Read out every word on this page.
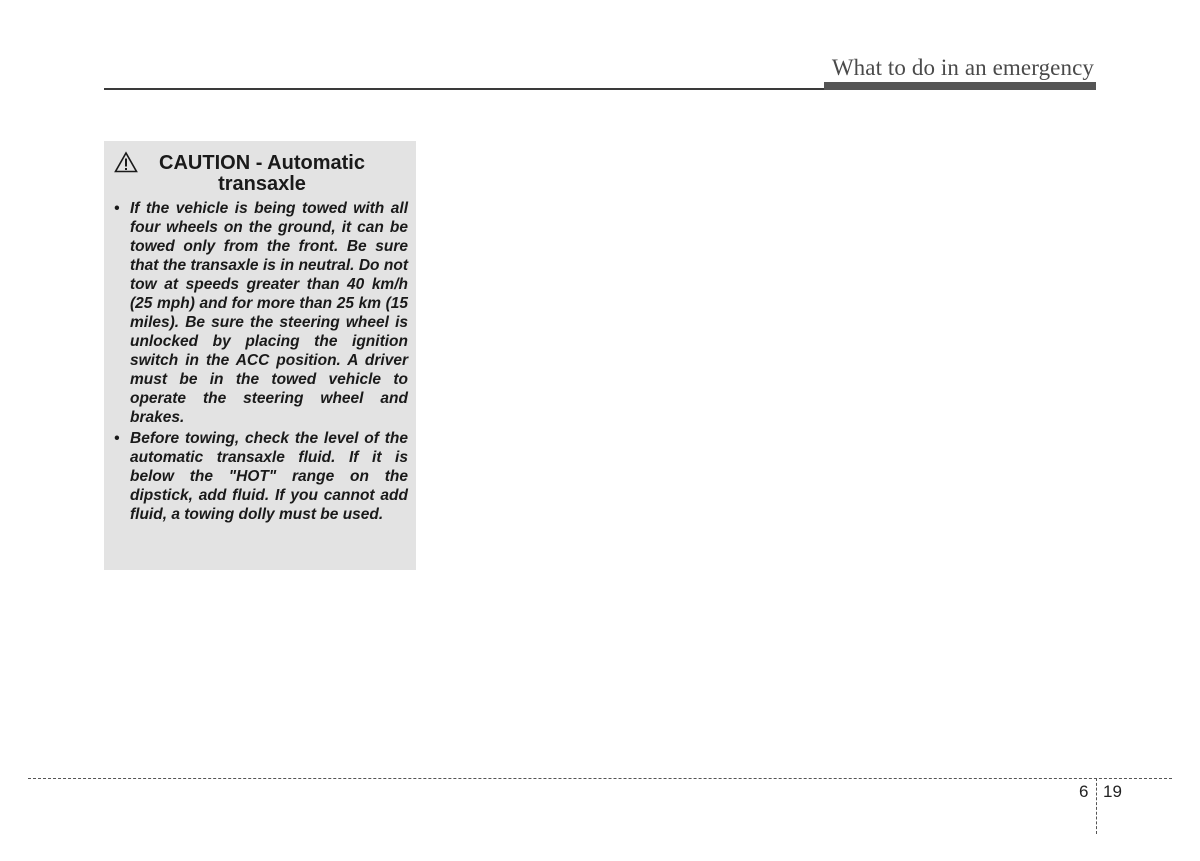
What to do in an emergency
CAUTION - Automatic
transaxle
• If the vehicle is being towed with all four wheels on the ground, it can be towed only from the front. Be sure that the transaxle is in neutral. Do not tow at speeds greater than 40 km/h (25 mph) and for more than 25 km (15 miles). Be sure the steering wheel is unlocked by placing the ignition switch in the ACC position. A driver must be in the towed vehicle to operate the steering wheel and brakes.
• Before towing, check the level of the automatic transaxle fluid. If it is below the "HOT" range on the dipstick, add fluid. If you cannot add fluid, a towing dolly must be used.
6 19
